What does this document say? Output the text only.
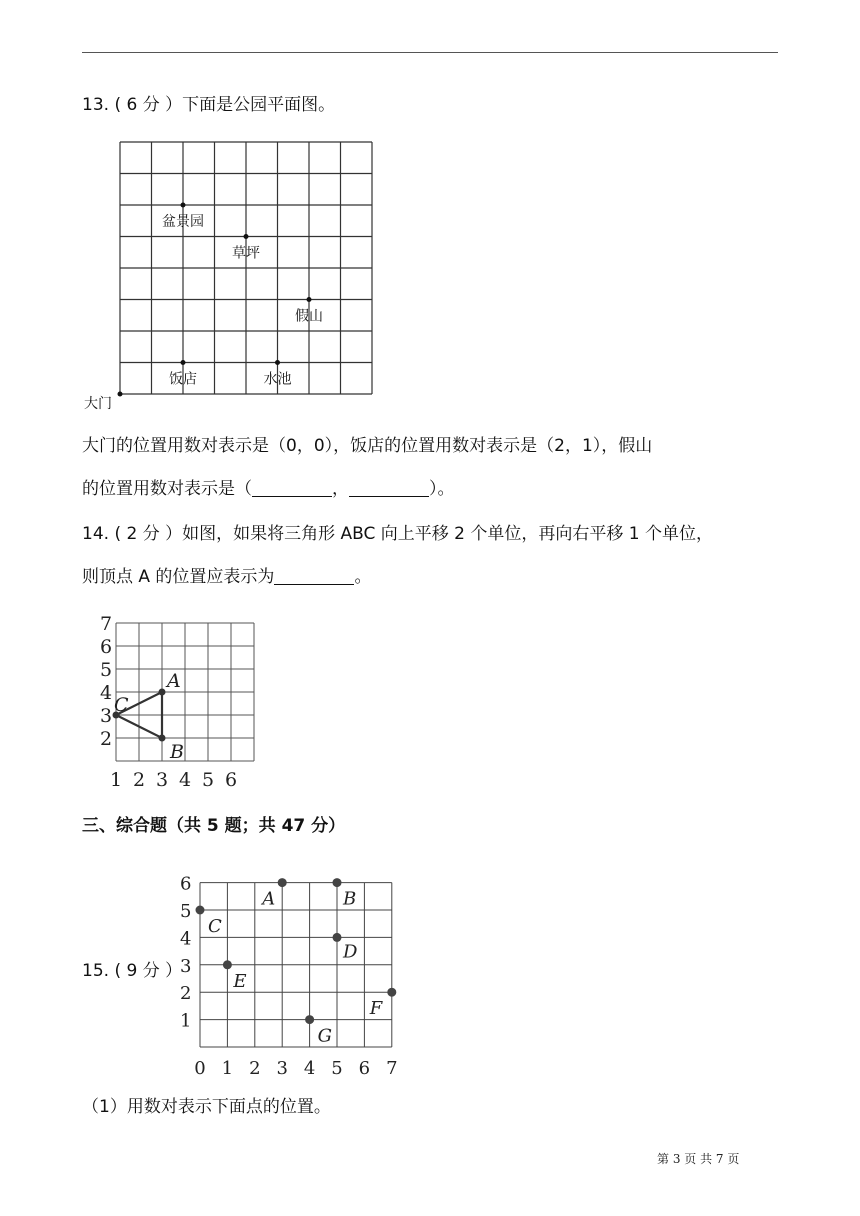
13. ( 6 分 ）下面是公园平面图。
大门
盆景园
草坪
假山
饭店	水池
大门的位置用数对表示是（0，0），饭店的位置用数对表示是（2，1），假山
的位置用数对表示是（	，	）。
14. ( 2 分 ）如图，如果将三角形 ABC 向上平移 2 个单位，再向右平移 1 个单位，
则顶点 A 的位置应表示为	。
7
6
5
4
3
2
1 2 3 4 5 6
A
B
C
三、综合题（共 5 题；共 47 分）
15. ( 9 分 ）
6
5
4
3
2
1
0 1 2 3 4 5 6 7
A	B
C
D
E
F
G
（1）用数对表示下面点的位置。
第 3 页 共 7 页
